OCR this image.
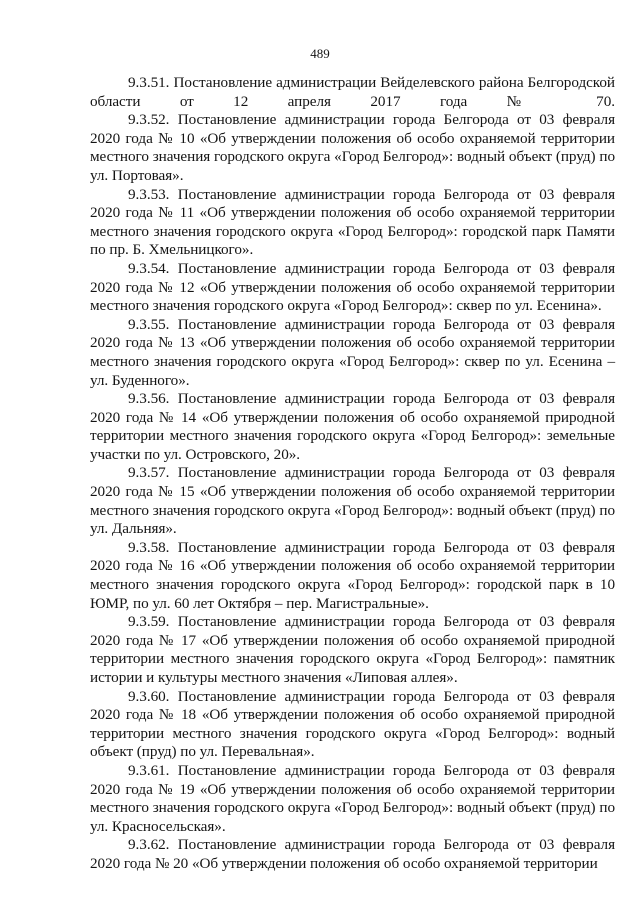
489

9.3.51. Постановление администрации Вейделевского района Белгородской области от 12 апреля 2017 года № 70.

9.3.52. Постановление администрации города Белгорода от 03 февраля 2020 года № 10 «Об утверждении положения об особо охраняемой территории местного значения городского округа «Город Белгород»: водный объект (пруд) по ул. Портовая».

9.3.53. Постановление администрации города Белгорода от 03 февраля 2020 года № 11 «Об утверждении положения об особо охраняемой территории местного значения городского округа «Город Белгород»: городской парк Памяти по пр. Б. Хмельницкого».

9.3.54. Постановление администрации города Белгорода от 03 февраля 2020 года № 12 «Об утверждении положения об особо охраняемой территории местного значения городского округа «Город Белгород»: сквер по ул. Есенина».

9.3.55. Постановление администрации города Белгорода от 03 февраля 2020 года № 13 «Об утверждении положения об особо охраняемой территории местного значения городского округа «Город Белгород»: сквер по ул. Есенина – ул. Буденного».

9.3.56. Постановление администрации города Белгорода от 03 февраля 2020 года № 14 «Об утверждении положения об особо охраняемой природной территории местного значения городского округа «Город Белгород»: земельные участки по ул. Островского, 20».

9.3.57. Постановление администрации города Белгорода от 03 февраля 2020 года № 15 «Об утверждении положения об особо охраняемой территории местного значения городского округа «Город Белгород»: водный объект (пруд) по ул. Дальняя».

9.3.58. Постановление администрации города Белгорода от 03 февраля 2020 года № 16 «Об утверждении положения об особо охраняемой территории местного значения городского округа «Город Белгород»: городской парк в 10 ЮМР, по ул. 60 лет Октября – пер. Магистральные».

9.3.59. Постановление администрации города Белгорода от 03 февраля 2020 года № 17 «Об утверждении положения об особо охраняемой природной территории местного значения городского округа «Город Белгород»: памятник истории и культуры местного значения «Липовая аллея».

9.3.60. Постановление администрации города Белгорода от 03 февраля 2020 года № 18 «Об утверждении положения об особо охраняемой природной территории местного значения городского округа «Город Белгород»: водный объект (пруд) по ул. Перевальная».

9.3.61. Постановление администрации города Белгорода от 03 февраля 2020 года № 19 «Об утверждении положения об особо охраняемой территории местного значения городского округа «Город Белгород»: водный объект (пруд) по ул. Красносельская».

9.3.62. Постановление администрации города Белгорода от 03 февраля 2020 года № 20 «Об утверждении положения об особо охраняемой территории
